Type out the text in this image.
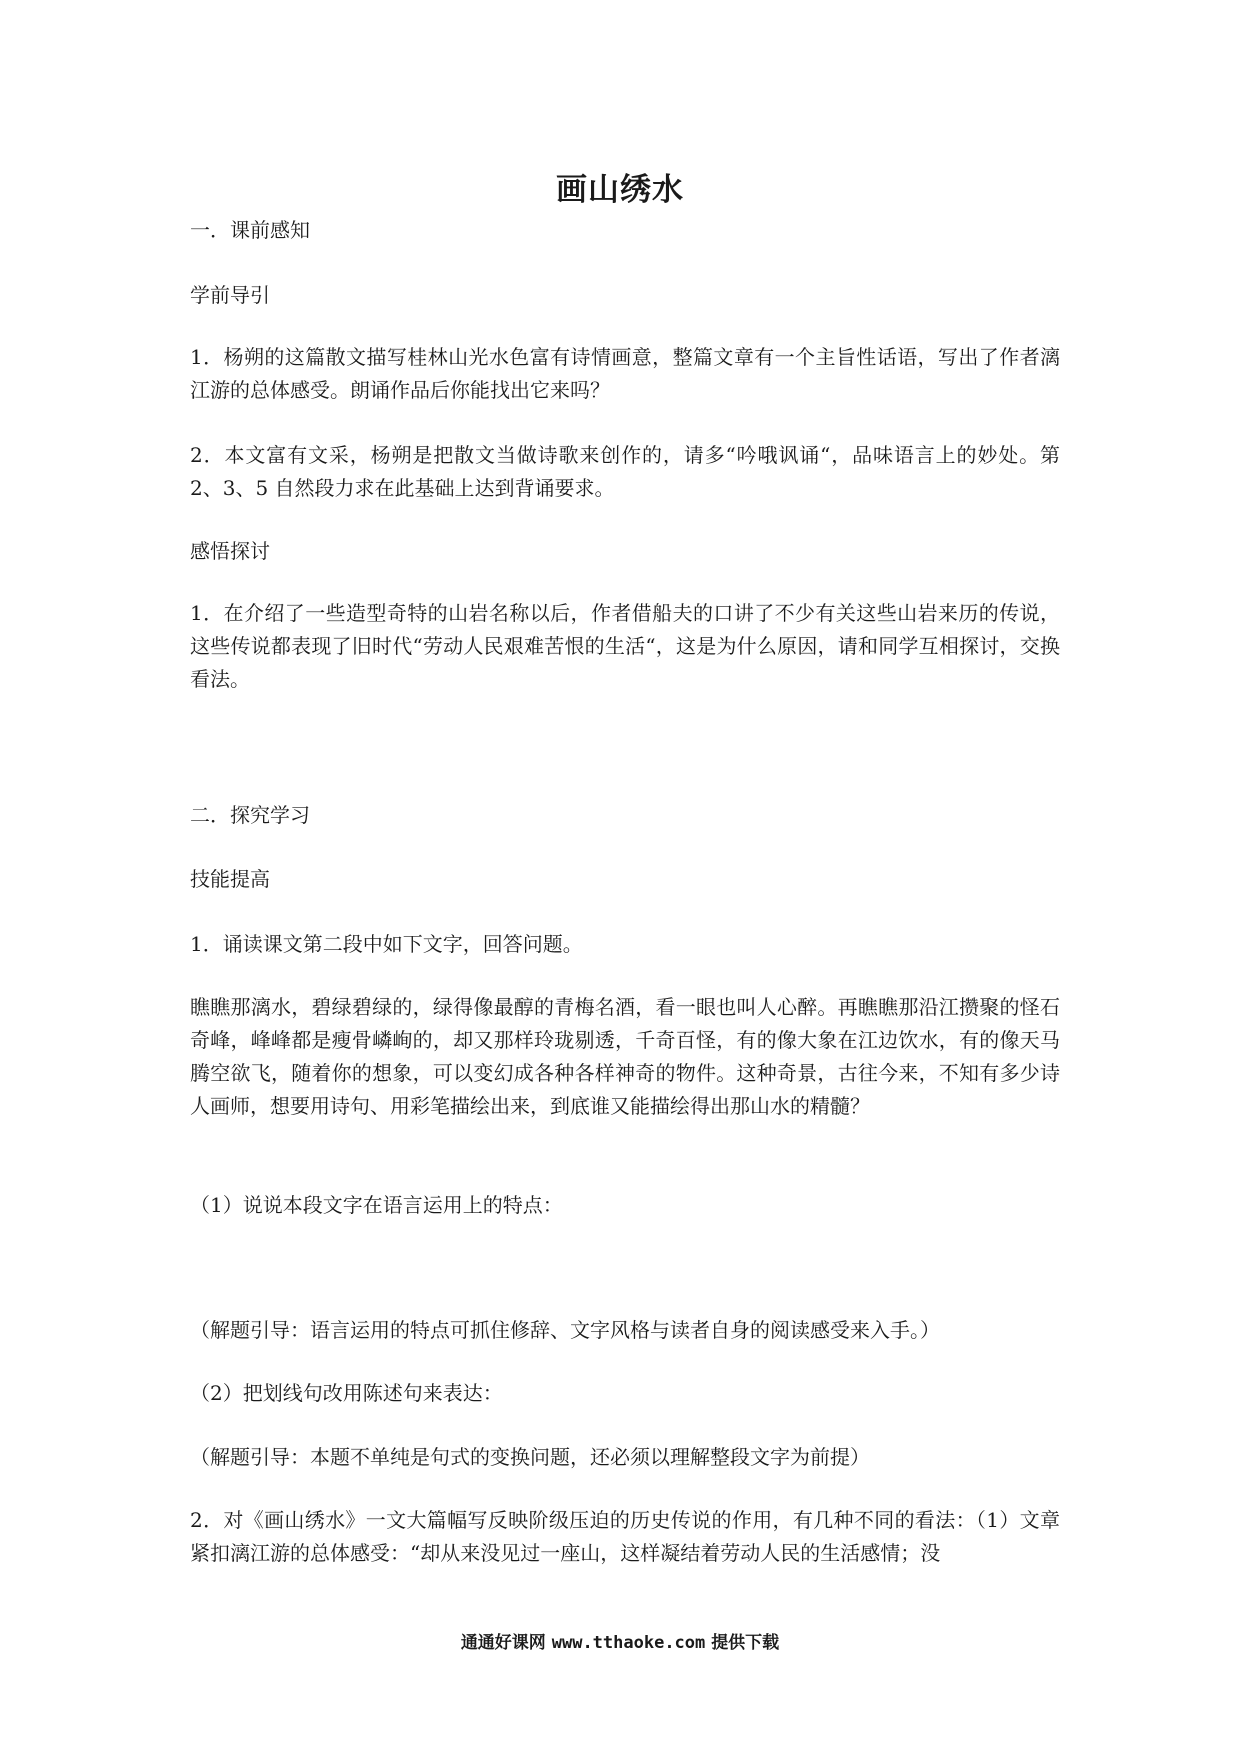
画山绣水
一．课前感知
学前导引
1．杨朔的这篇散文描写桂林山光水色富有诗情画意，整篇文章有一个主旨性话语，写出了作者漓江游的总体感受。朗诵作品后你能找出它来吗？
2．本文富有文采，杨朔是把散文当做诗歌来创作的，请多“吟哦讽诵“，品味语言上的妙处。第 2、3、5 自然段力求在此基础上达到背诵要求。
感悟探讨
1．在介绍了一些造型奇特的山岩名称以后，作者借船夫的口讲了不少有关这些山岩来历的传说，这些传说都表现了旧时代“劳动人民艰难苦恨的生活“，这是为什么原因，请和同学互相探讨，交换看法。
二．探究学习
技能提高
1．诵读课文第二段中如下文字，回答问题。
瞧瞧那漓水，碧绿碧绿的，绿得像最醇的青梅名酒，看一眼也叫人心醉。再瞧瞧那沿江攒聚的怪石奇峰，峰峰都是瘦骨嶙峋的，却又那样玲珑剔透，千奇百怪，有的像大象在江边饮水，有的像天马腾空欲飞，随着你的想象，可以变幻成各种各样神奇的物件。这种奇景，古往今来，不知有多少诗人画师，想要用诗句、用彩笔描绘出来，到底谁又能描绘得出那山水的精髓？
（1）说说本段文字在语言运用上的特点：
（解题引导：语言运用的特点可抓住修辞、文字风格与读者自身的阅读感受来入手。）
（2）把划线句改用陈述句来表达：
（解题引导：本题不单纯是句式的变换问题，还必须以理解整段文字为前提）
2．对《画山绣水》一文大篇幅写反映阶级压迫的历史传说的作用，有几种不同的看法：（1）文章紧扣漓江游的总体感受：“却从来没见过一座山，这样凝结着劳动人民的生活感情；没
通通好课网 www.tthaoke.com 提供下载
